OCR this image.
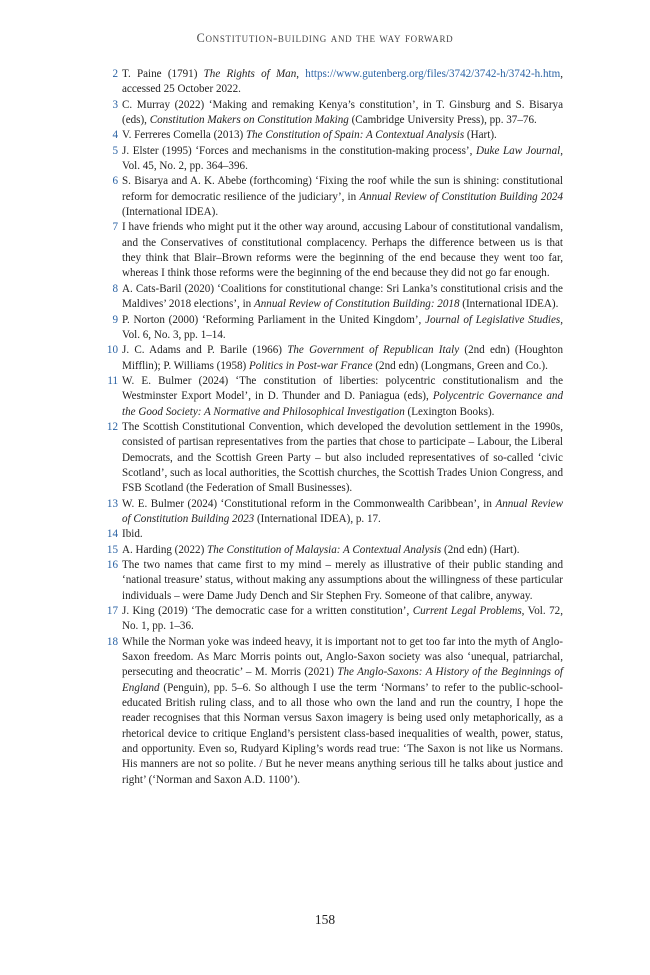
Constitution-building and the way forward
2 T. Paine (1791) The Rights of Man, https://www.gutenberg.org/files/3742/3742-h/3742-h.htm, accessed 25 October 2022.
3 C. Murray (2022) ‘Making and remaking Kenya’s constitution’, in T. Ginsburg and S. Bisarya (eds), Constitution Makers on Constitution Making (Cambridge University Press), pp. 37–76.
4 V. Ferreres Comella (2013) The Constitution of Spain: A Contextual Analysis (Hart).
5 J. Elster (1995) ‘Forces and mechanisms in the constitution-making process’, Duke Law Journal, Vol. 45, No. 2, pp. 364–396.
6 S. Bisarya and A. K. Abebe (forthcoming) ‘Fixing the roof while the sun is shining: constitutional reform for democratic resilience of the judiciary’, in Annual Review of Constitution Building 2024 (International IDEA).
7 I have friends who might put it the other way around, accusing Labour of constitutional vandalism, and the Conservatives of constitutional complacency. Perhaps the difference between us is that they think that Blair–Brown reforms were the beginning of the end because they went too far, whereas I think those reforms were the beginning of the end because they did not go far enough.
8 A. Cats-Baril (2020) ‘Coalitions for constitutional change: Sri Lanka’s constitutional crisis and the Maldives’ 2018 elections’, in Annual Review of Constitution Building: 2018 (International IDEA).
9 P. Norton (2000) ‘Reforming Parliament in the United Kingdom’, Journal of Legislative Studies, Vol. 6, No. 3, pp. 1–14.
10 J. C. Adams and P. Barile (1966) The Government of Republican Italy (2nd edn) (Houghton Mifflin); P. Williams (1958) Politics in Post-war France (2nd edn) (Longmans, Green and Co.).
11 W. E. Bulmer (2024) ‘The constitution of liberties: polycentric constitutionalism and the Westminster Export Model’, in D. Thunder and D. Paniagua (eds), Polycentric Governance and the Good Society: A Normative and Philosophical Investigation (Lexington Books).
12 The Scottish Constitutional Convention, which developed the devolution settlement in the 1990s, consisted of partisan representatives from the parties that chose to participate – Labour, the Liberal Democrats, and the Scottish Green Party – but also included representatives of so-called ‘civic Scotland’, such as local authorities, the Scottish churches, the Scottish Trades Union Congress, and FSB Scotland (the Federation of Small Businesses).
13 W. E. Bulmer (2024) ‘Constitutional reform in the Commonwealth Caribbean’, in Annual Review of Constitution Building 2023 (International IDEA), p. 17.
14 Ibid.
15 A. Harding (2022) The Constitution of Malaysia: A Contextual Analysis (2nd edn) (Hart).
16 The two names that came first to my mind – merely as illustrative of their public standing and ‘national treasure’ status, without making any assumptions about the willingness of these particular individuals – were Dame Judy Dench and Sir Stephen Fry. Someone of that calibre, anyway.
17 J. King (2019) ‘The democratic case for a written constitution’, Current Legal Problems, Vol. 72, No. 1, pp. 1–36.
18 While the Norman yoke was indeed heavy, it is important not to get too far into the myth of Anglo-Saxon freedom. As Marc Morris points out, Anglo-Saxon society was also ‘unequal, patriarchal, persecuting and theocratic’ – M. Morris (2021) The Anglo-Saxons: A History of the Beginnings of England (Penguin), pp. 5–6. So although I use the term ‘Normans’ to refer to the public-school-educated British ruling class, and to all those who own the land and run the country, I hope the reader recognises that this Norman versus Saxon imagery is being used only metaphorically, as a rhetorical device to critique England’s persistent class-based inequalities of wealth, power, status, and opportunity. Even so, Rudyard Kipling’s words read true: ‘The Saxon is not like us Normans. His manners are not so polite. / But he never means anything serious till he talks about justice and right’ (‘Norman and Saxon A.D. 1100’).
158
